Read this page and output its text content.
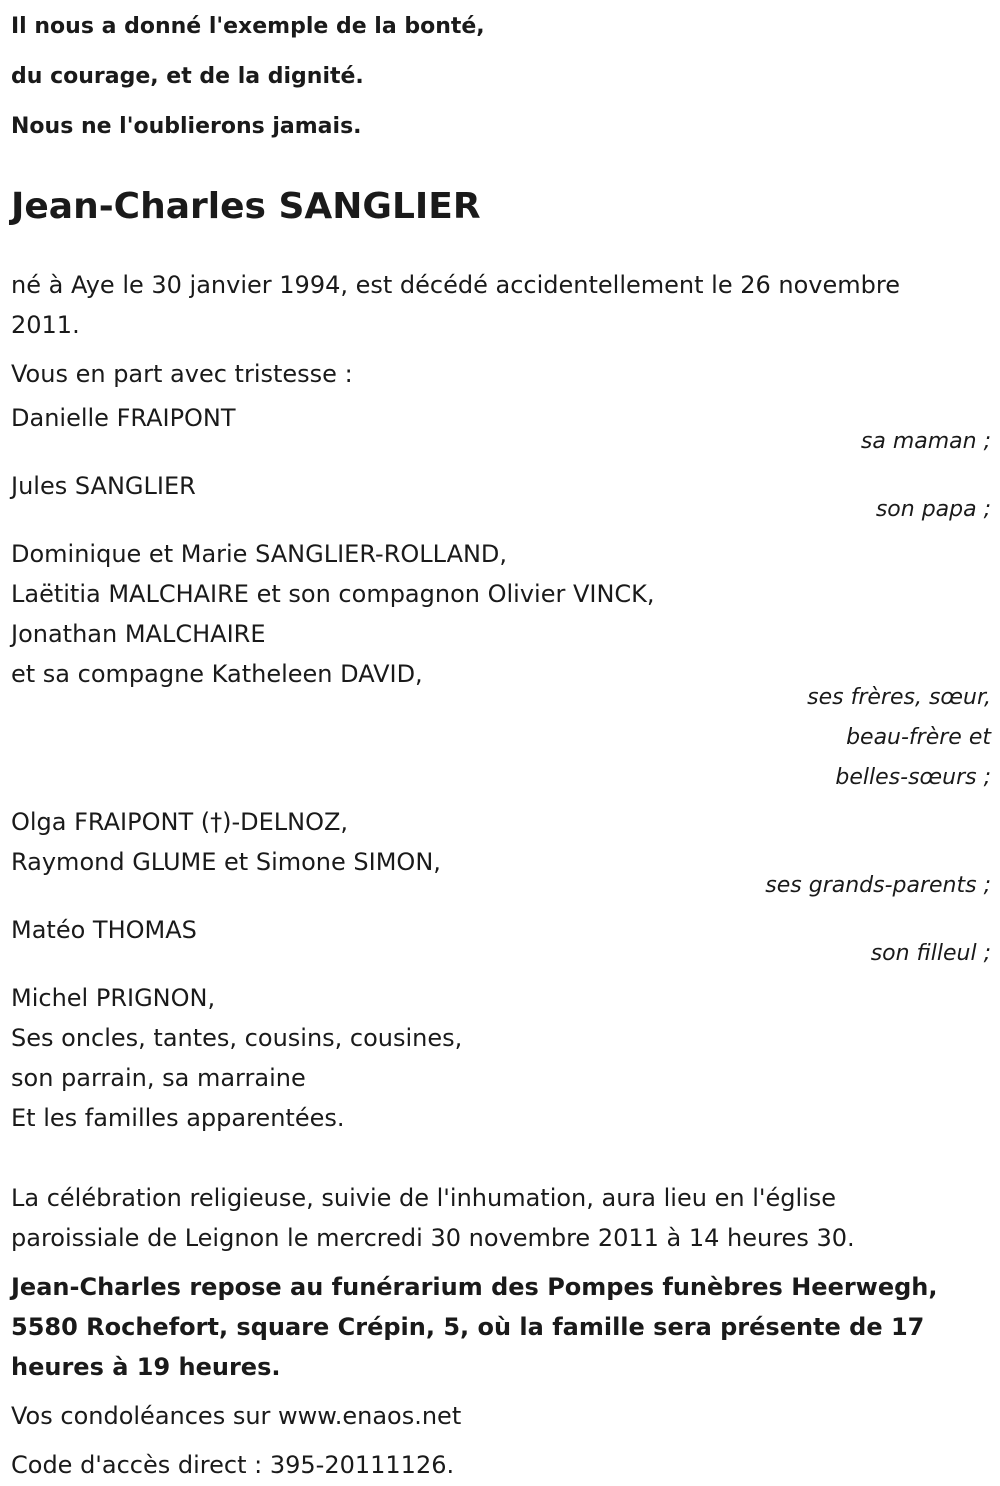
Il nous a donné l'exemple de la bonté,
du courage, et de la dignité.
Nous ne l'oublierons jamais.
Jean-Charles SANGLIER
né à Aye le 30 janvier 1994, est décédé accidentellement le 26 novembre
2011.
Vous en part avec tristesse :
Danielle FRAIPONT
sa maman ;
Jules SANGLIER
son papa ;
Dominique et Marie SANGLIER-ROLLAND,
Laëtitia MALCHAIRE et son compagnon Olivier VINCK,
Jonathan MALCHAIRE
et sa compagne Katheleen DAVID,
ses frères, sœur,
beau-frère et
belles-sœurs ;
Olga FRAIPONT (†)-DELNOZ,
Raymond GLUME et Simone SIMON,
ses grands-parents ;
Matéo THOMAS
son filleul ;
Michel PRIGNON,
Ses oncles, tantes, cousins, cousines,
son parrain, sa marraine
Et les familles apparentées.
La célébration religieuse, suivie de l'inhumation, aura lieu en l'église
paroissiale de Leignon le mercredi 30 novembre 2011 à 14 heures 30.
Jean-Charles repose au funérarium des Pompes funèbres Heerwegh,
5580 Rochefort, square Crépin, 5, où la famille sera présente de 17
heures à 19 heures.
Vos condoléances sur www.enaos.net
Code d'accès direct : 395-20111126.
